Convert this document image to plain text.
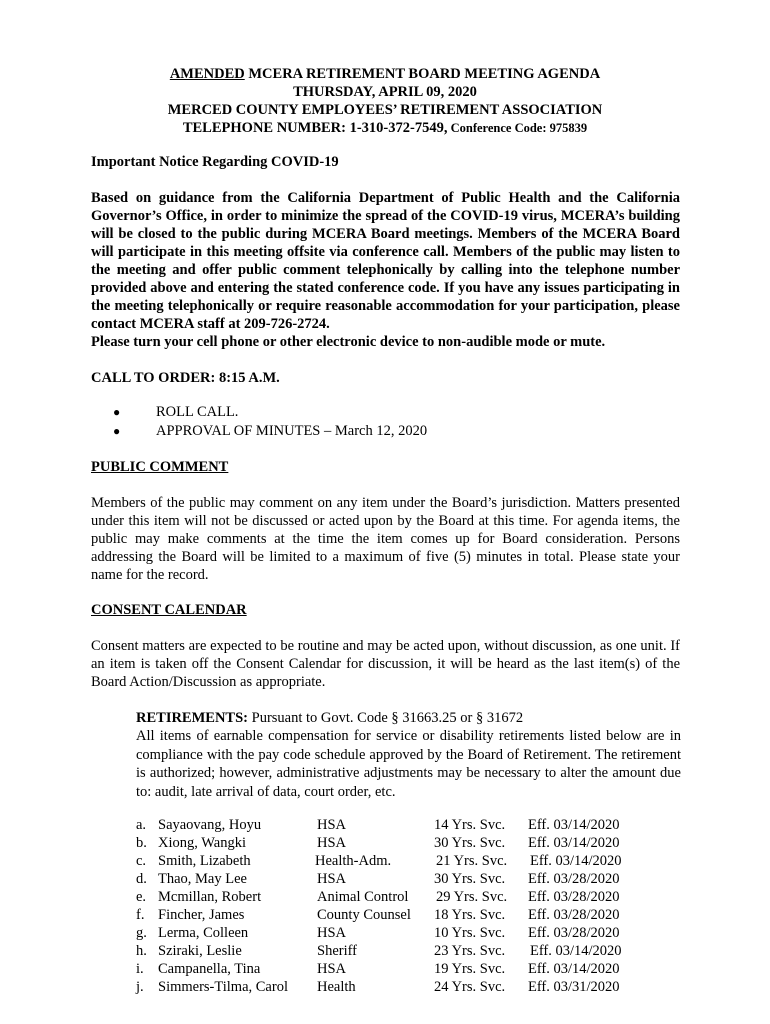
AMENDED MCERA RETIREMENT BOARD MEETING AGENDA
THURSDAY, APRIL 09, 2020
MERCED COUNTY EMPLOYEES’ RETIREMENT ASSOCIATION
TELEPHONE NUMBER: 1-310-372-7549, Conference Code: 975839
Important Notice Regarding COVID-19
Based on guidance from the California Department of Public Health and the California Governor’s Office, in order to minimize the spread of the COVID-19 virus, MCERA’s building will be closed to the public during MCERA Board meetings. Members of the MCERA Board will participate in this meeting offsite via conference call. Members of the public may listen to the meeting and offer public comment telephonically by calling into the telephone number provided above and entering the stated conference code. If you have any issues participating in the meeting telephonically or require reasonable accommodation for your participation, please contact MCERA staff at 209-726-2724.
Please turn your cell phone or other electronic device to non-audible mode or mute.
CALL TO ORDER: 8:15 A.M.
● ROLL CALL.
● APPROVAL OF MINUTES – March 12, 2020
PUBLIC COMMENT
Members of the public may comment on any item under the Board’s jurisdiction. Matters presented under this item will not be discussed or acted upon by the Board at this time. For agenda items, the public may make comments at the time the item comes up for Board consideration. Persons addressing the Board will be limited to a maximum of five (5) minutes in total. Please state your name for the record.
CONSENT CALENDAR
Consent matters are expected to be routine and may be acted upon, without discussion, as one unit. If an item is taken off the Consent Calendar for discussion, it will be heard as the last item(s) of the Board Action/Discussion as appropriate.
RETIREMENTS: Pursuant to Govt. Code § 31663.25 or § 31672
All items of earnable compensation for service or disability retirements listed below are in compliance with the pay code schedule approved by the Board of Retirement. The retirement is authorized; however, administrative adjustments may be necessary to alter the amount due to: audit, late arrival of data, court order, etc.
a. Sayaovang, Hoyu	HSA	14 Yrs. Svc. Eff. 03/14/2020
b. Xiong, Wangki	HSA	30 Yrs. Svc. Eff. 03/14/2020
c. Smith, Lizabeth	Health-Adm.	21 Yrs. Svc. Eff. 03/14/2020
d. Thao, May Lee	HSA	30 Yrs. Svc. Eff. 03/28/2020
e. Mcmillan, Robert	Animal Control 29 Yrs. Svc. Eff. 03/28/2020
f. Fincher, James	County Counsel 18 Yrs. Svc. Eff. 03/28/2020
g. Lerma, Colleen	HSA	10 Yrs. Svc. Eff. 03/28/2020
h. Sziraki, Leslie	Sheriff	23 Yrs. Svc. Eff. 03/14/2020
i. Campanella, Tina	HSA	19 Yrs. Svc. Eff. 03/14/2020
j. Simmers-Tilma, Carol Health	24 Yrs. Svc. Eff. 03/31/2020
